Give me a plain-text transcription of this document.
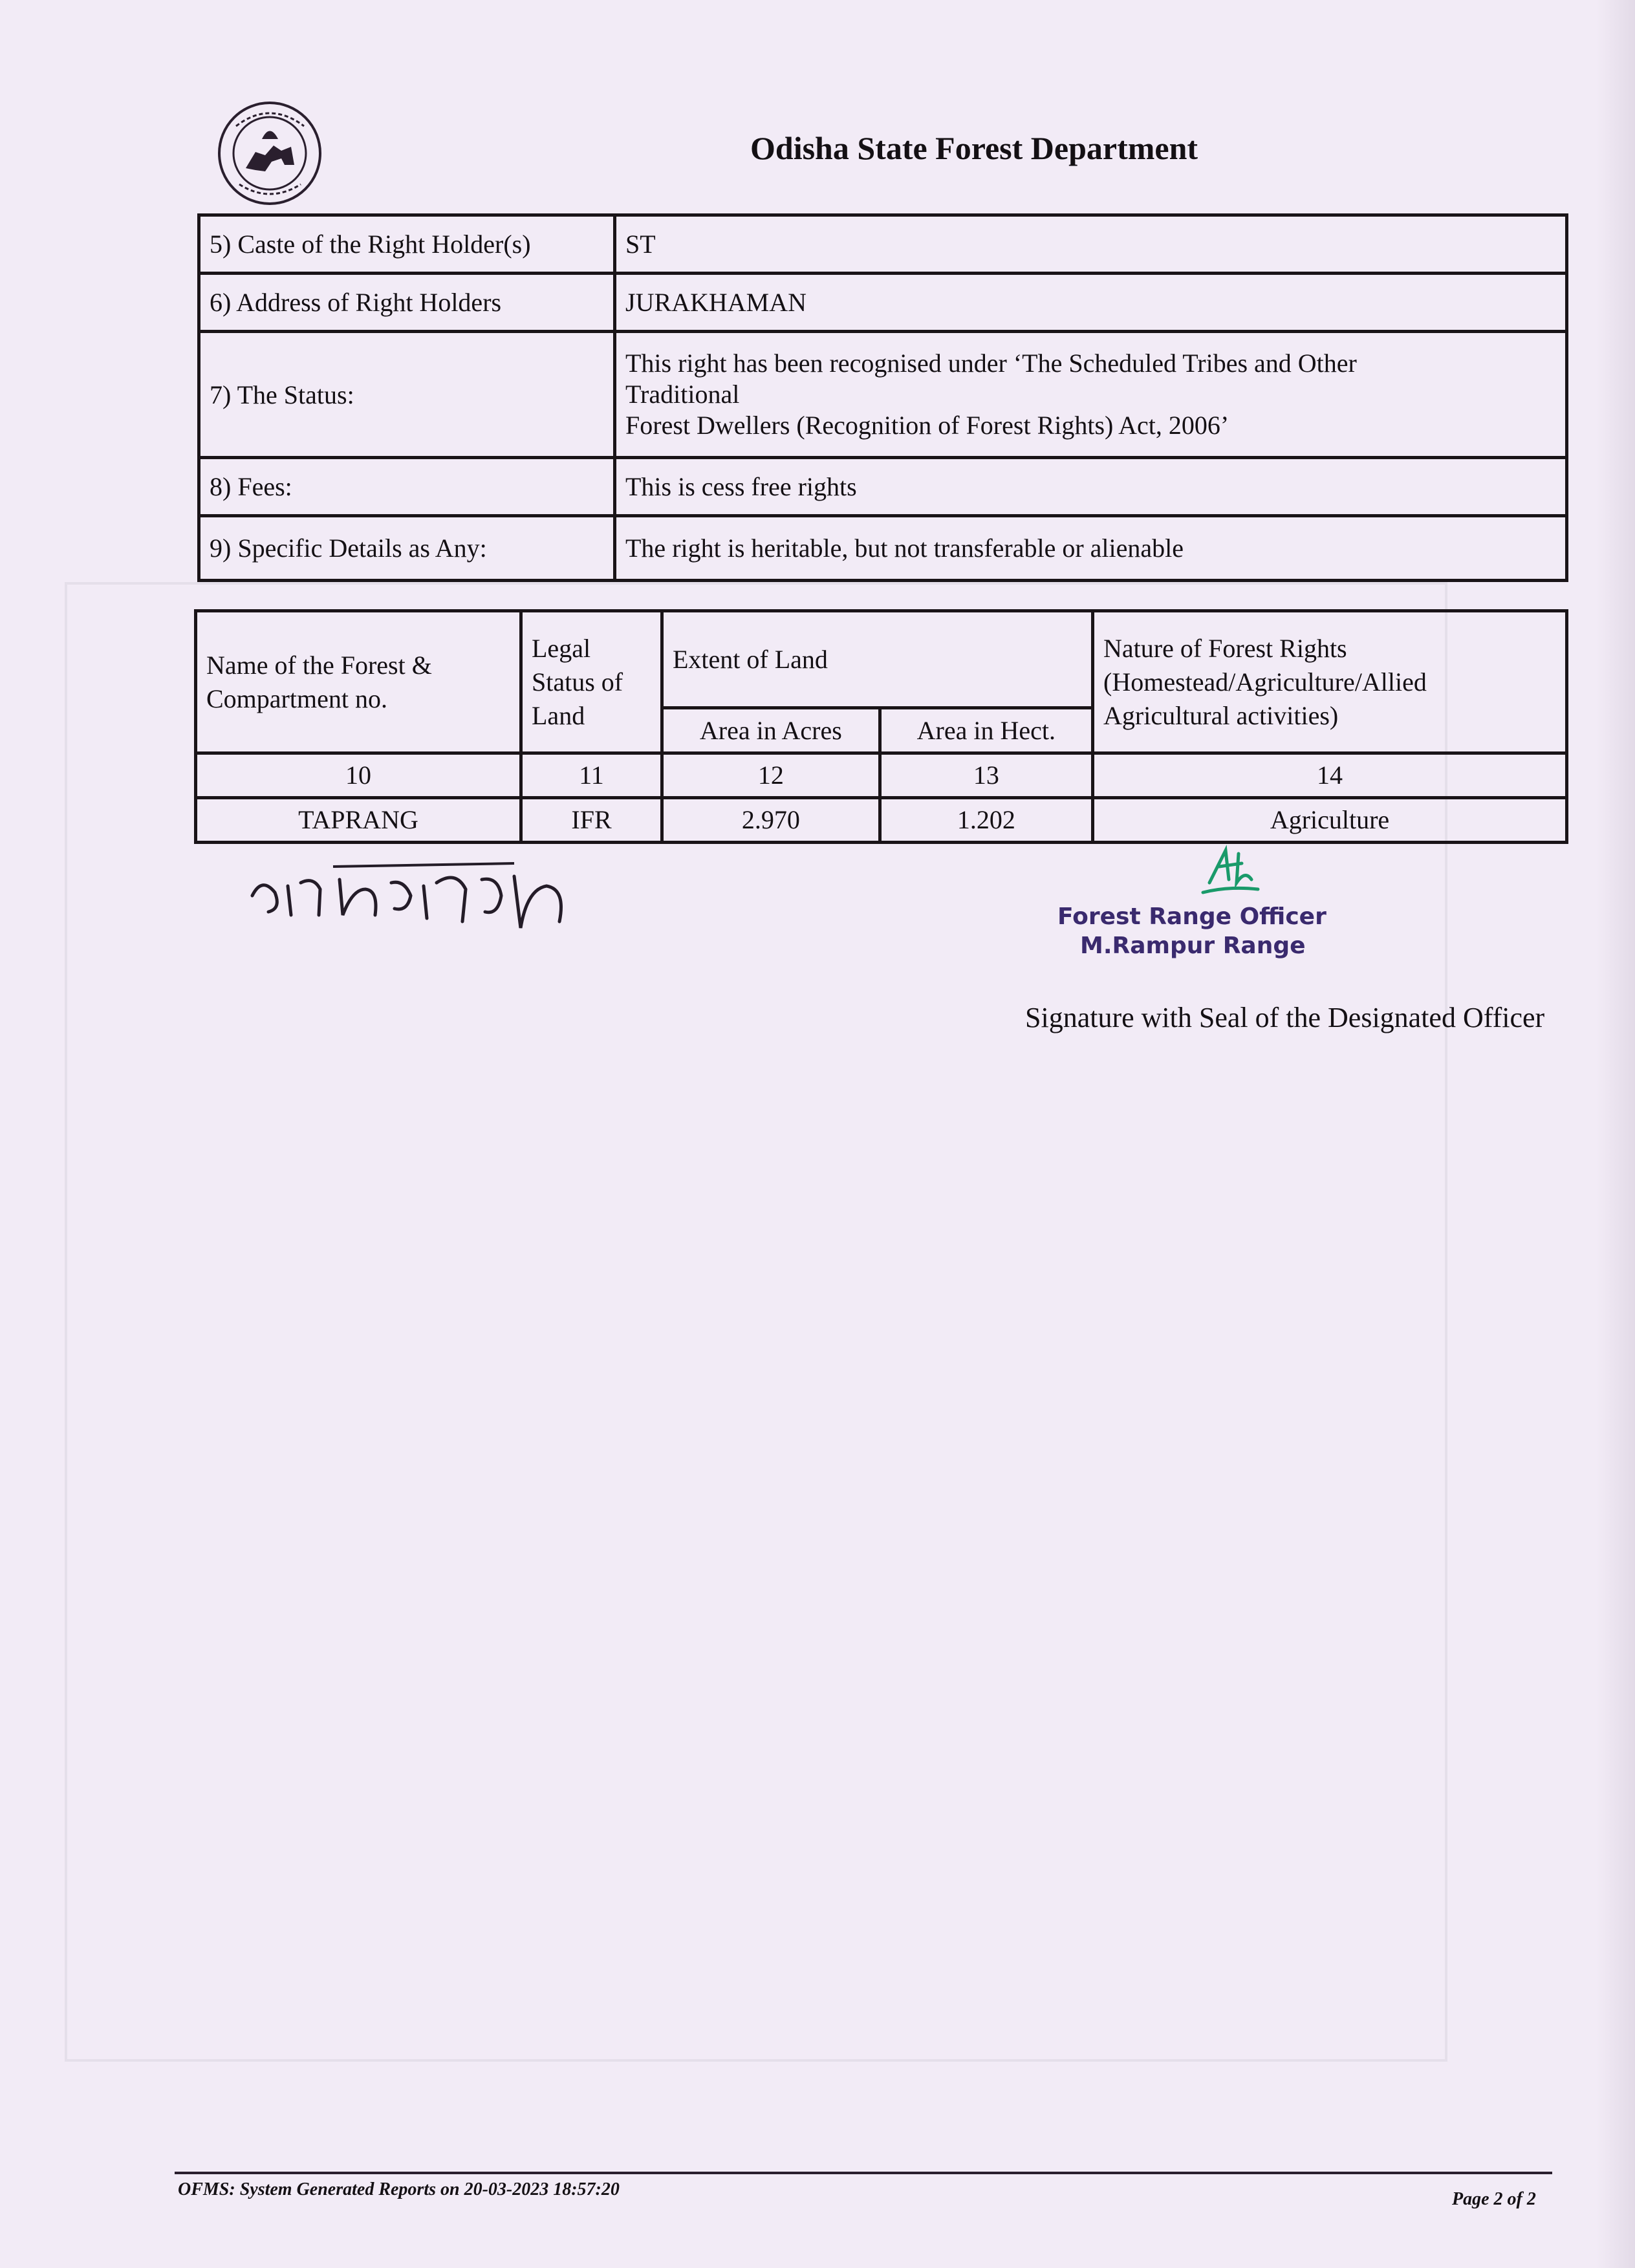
Odisha State Forest Department
5) Caste of the Right Holder(s)	ST
6) Address of Right Holders	JURAKHAMAN
7) The Status:	This right has been recognised under ‘The Scheduled Tribes and Other
Traditional
Forest Dwellers (Recognition of Forest Rights) Act, 2006’

8) Fees:	This is cess free rights
9) Specific Details as Any:	The right is heritable, but not transferable or alienable
Name of the Forest & Compartment no.	Legal Status of Land	Extent of Land		Nature of Forest Rights (Homestead/Agriculture/Allied Agricultural activities)
		Area in Acres	Area in Hect.	
10	11	12	13	14
TAPRANG	IFR	2.970	1.202	Agriculture
Forest Range Officer
M.Rampur Range
Signature with Seal of the Designated Officer
OFMS: System Generated Reports on 20-03-2023 18:57:20	Page 2 of 2
